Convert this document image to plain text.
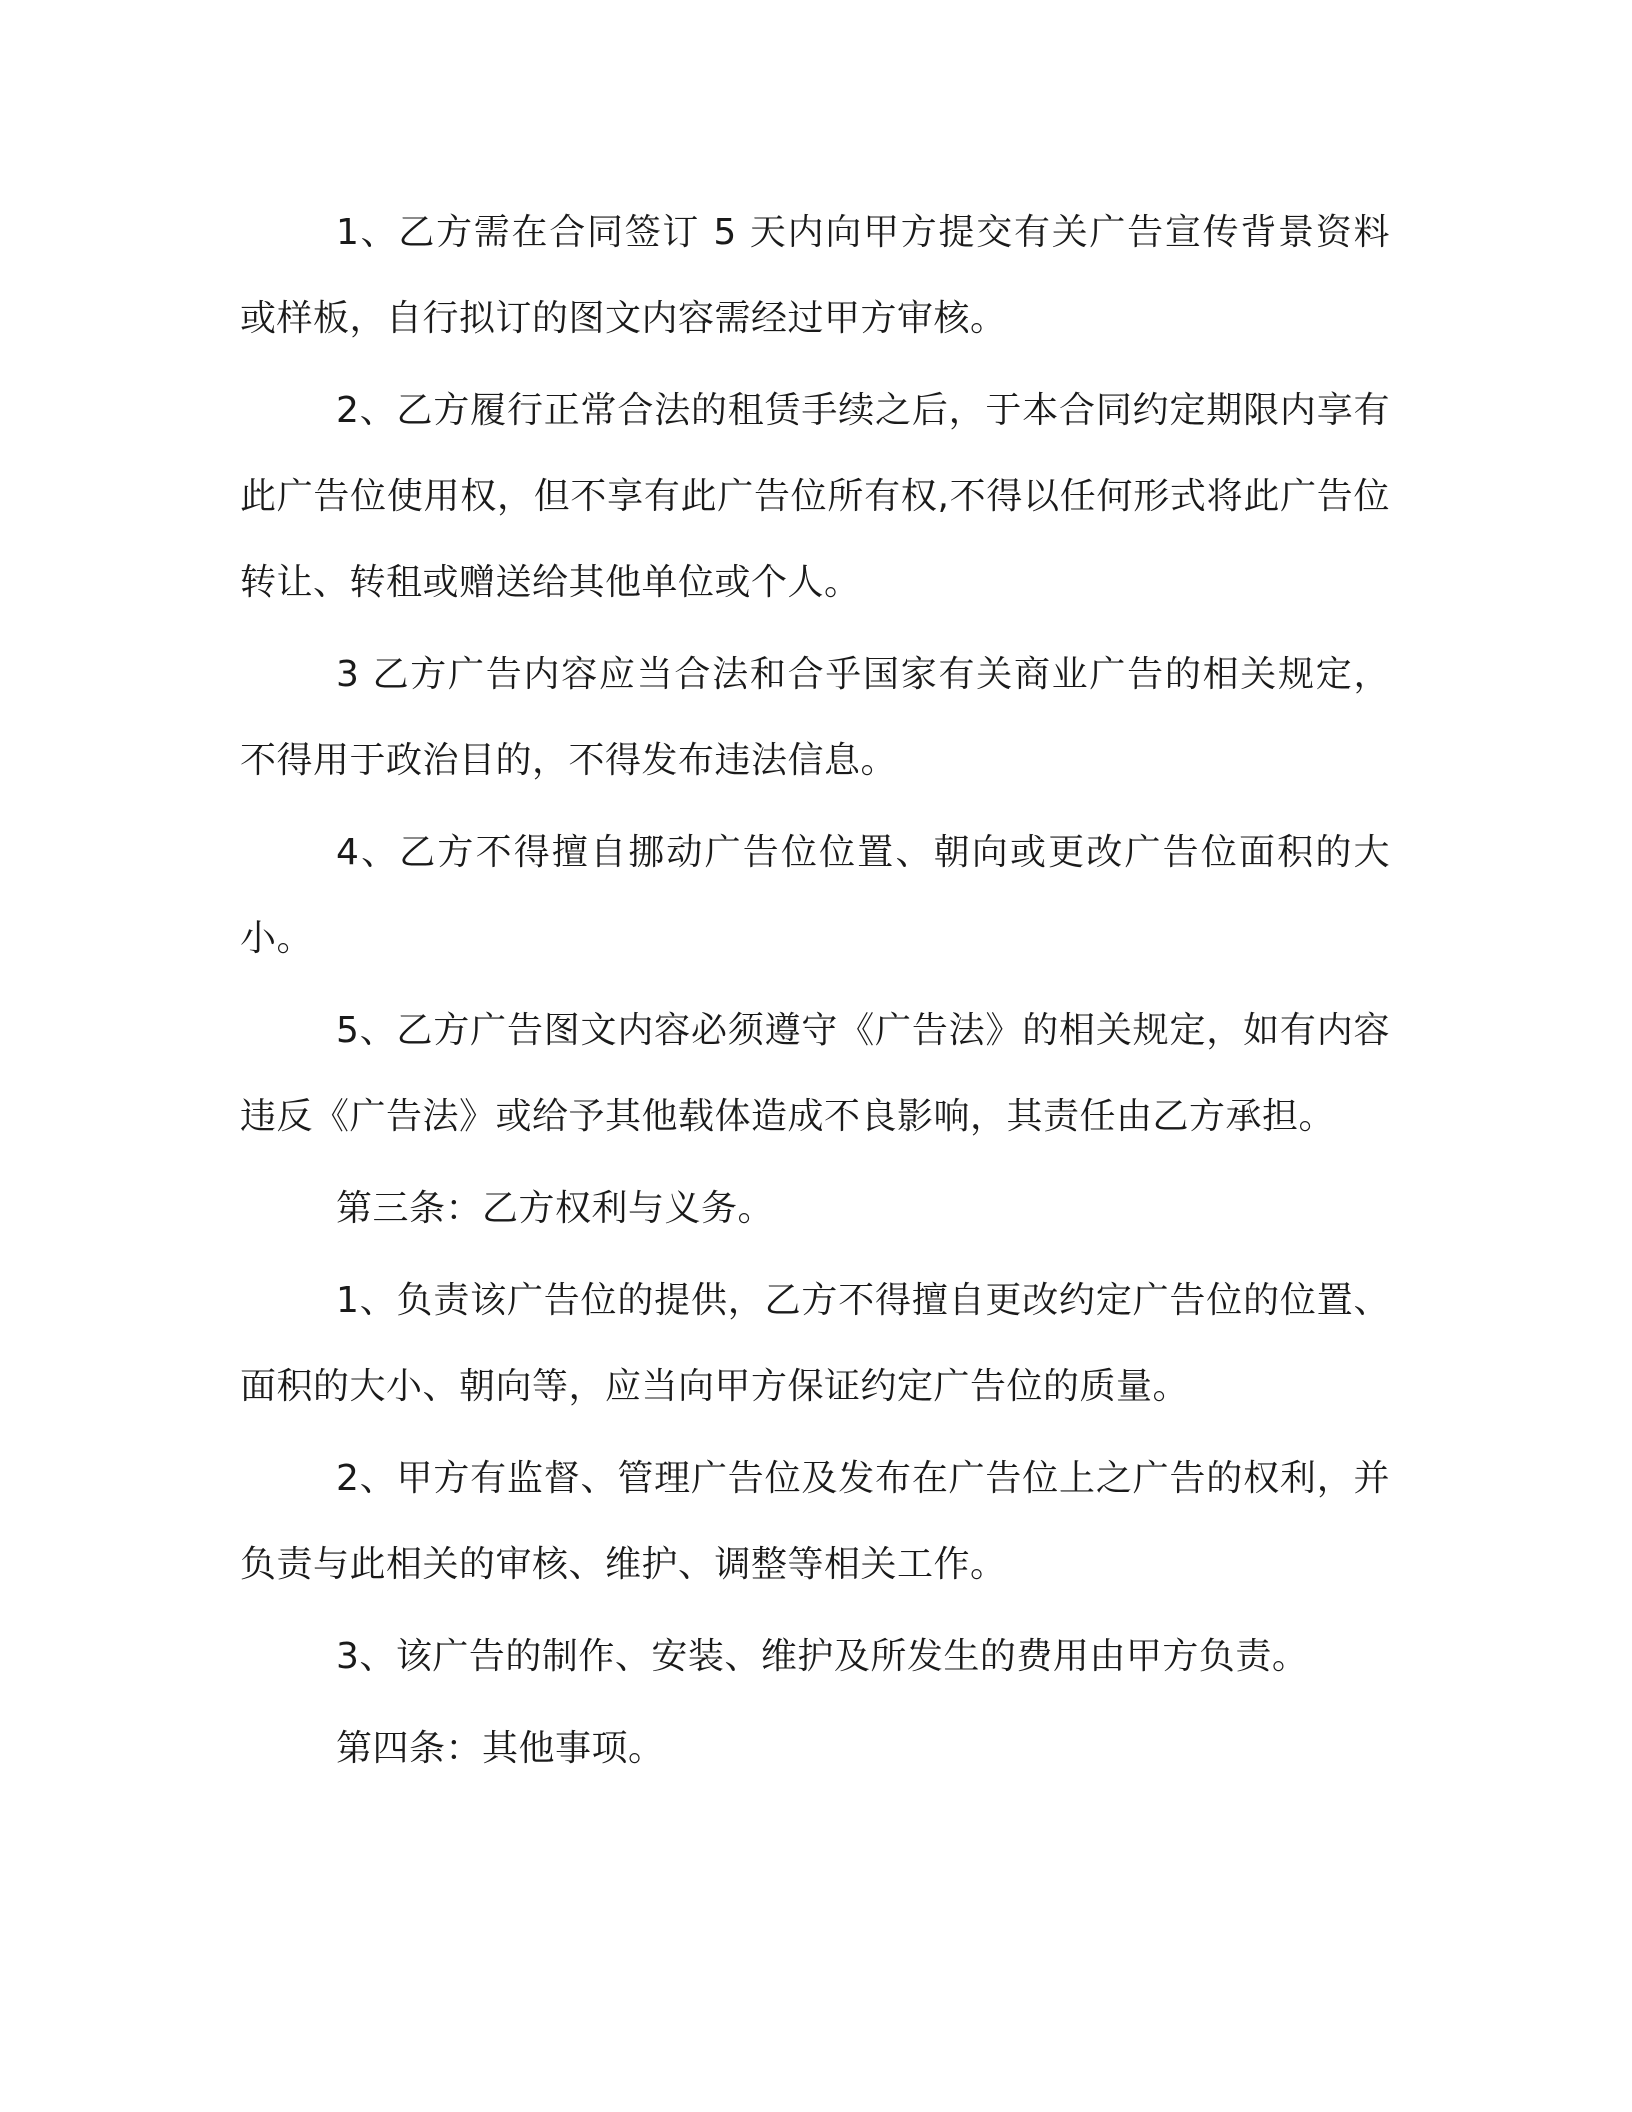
1、乙方需在合同签订 5 天内向甲方提交有关广告宣传背景资料或样板，自行拟订的图文内容需经过甲方审核。

2、乙方履行正常合法的租赁手续之后，于本合同约定期限内享有此广告位使用权，但不享有此广告位所有权,不得以任何形式将此广告位转让、转租或赠送给其他单位或个人。

3 乙方广告内容应当合法和合乎国家有关商业广告的相关规定，不得用于政治目的，不得发布违法信息。

4、乙方不得擅自挪动广告位位置、朝向或更改广告位面积的大小。

5、乙方广告图文内容必须遵守《广告法》的相关规定，如有内容违反《广告法》或给予其他载体造成不良影响，其责任由乙方承担。

第三条：乙方权利与义务。

1、负责该广告位的提供，乙方不得擅自更改约定广告位的位置、面积的大小、朝向等，应当向甲方保证约定广告位的质量。

2、甲方有监督、管理广告位及发布在广告位上之广告的权利，并负责与此相关的审核、维护、调整等相关工作。

3、该广告的制作、安装、维护及所发生的费用由甲方负责。

第四条：其他事项。
